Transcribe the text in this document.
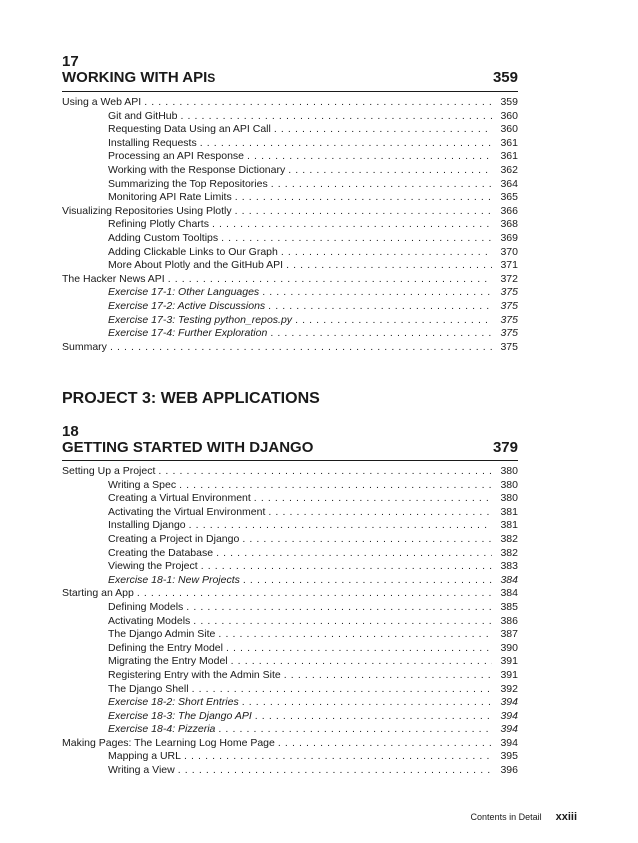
17
WORKING WITH APIS	359
Using a Web API . . .	359
Git and GitHub . . .	360
Requesting Data Using an API Call . . .	360
Installing Requests . . .	361
Processing an API Response . . .	361
Working with the Response Dictionary . . .	362
Summarizing the Top Repositories . . .	364
Monitoring API Rate Limits . . .	365
Visualizing Repositories Using Plotly . . .	366
Refining Plotly Charts . . .	368
Adding Custom Tooltips . . .	369
Adding Clickable Links to Our Graph . . .	370
More About Plotly and the GitHub API . . .	371
The Hacker News API . . .	372
Exercise 17-1: Other Languages . . .	375
Exercise 17-2: Active Discussions . . .	375
Exercise 17-3: Testing python_repos.py . . .	375
Exercise 17-4: Further Exploration . . .	375
Summary . . .	375
PROJECT 3: WEB APPLICATIONS
18
GETTING STARTED WITH DJANGO	379
Setting Up a Project . . .	380
Writing a Spec . . .	380
Creating a Virtual Environment . . .	380
Activating the Virtual Environment . . .	381
Installing Django . . .	381
Creating a Project in Django . . .	382
Creating the Database . . .	382
Viewing the Project . . .	383
Exercise 18-1: New Projects . . .	384
Starting an App . . .	384
Defining Models . . .	385
Activating Models . . .	386
The Django Admin Site . . .	387
Defining the Entry Model . . .	390
Migrating the Entry Model . . .	391
Registering Entry with the Admin Site . . .	391
The Django Shell . . .	392
Exercise 18-2: Short Entries . . .	394
Exercise 18-3: The Django API . . .	394
Exercise 18-4: Pizzeria . . .	394
Making Pages: The Learning Log Home Page . . .	394
Mapping a URL . . .	395
Writing a View . . .	396
Contents in Detail xxiii
